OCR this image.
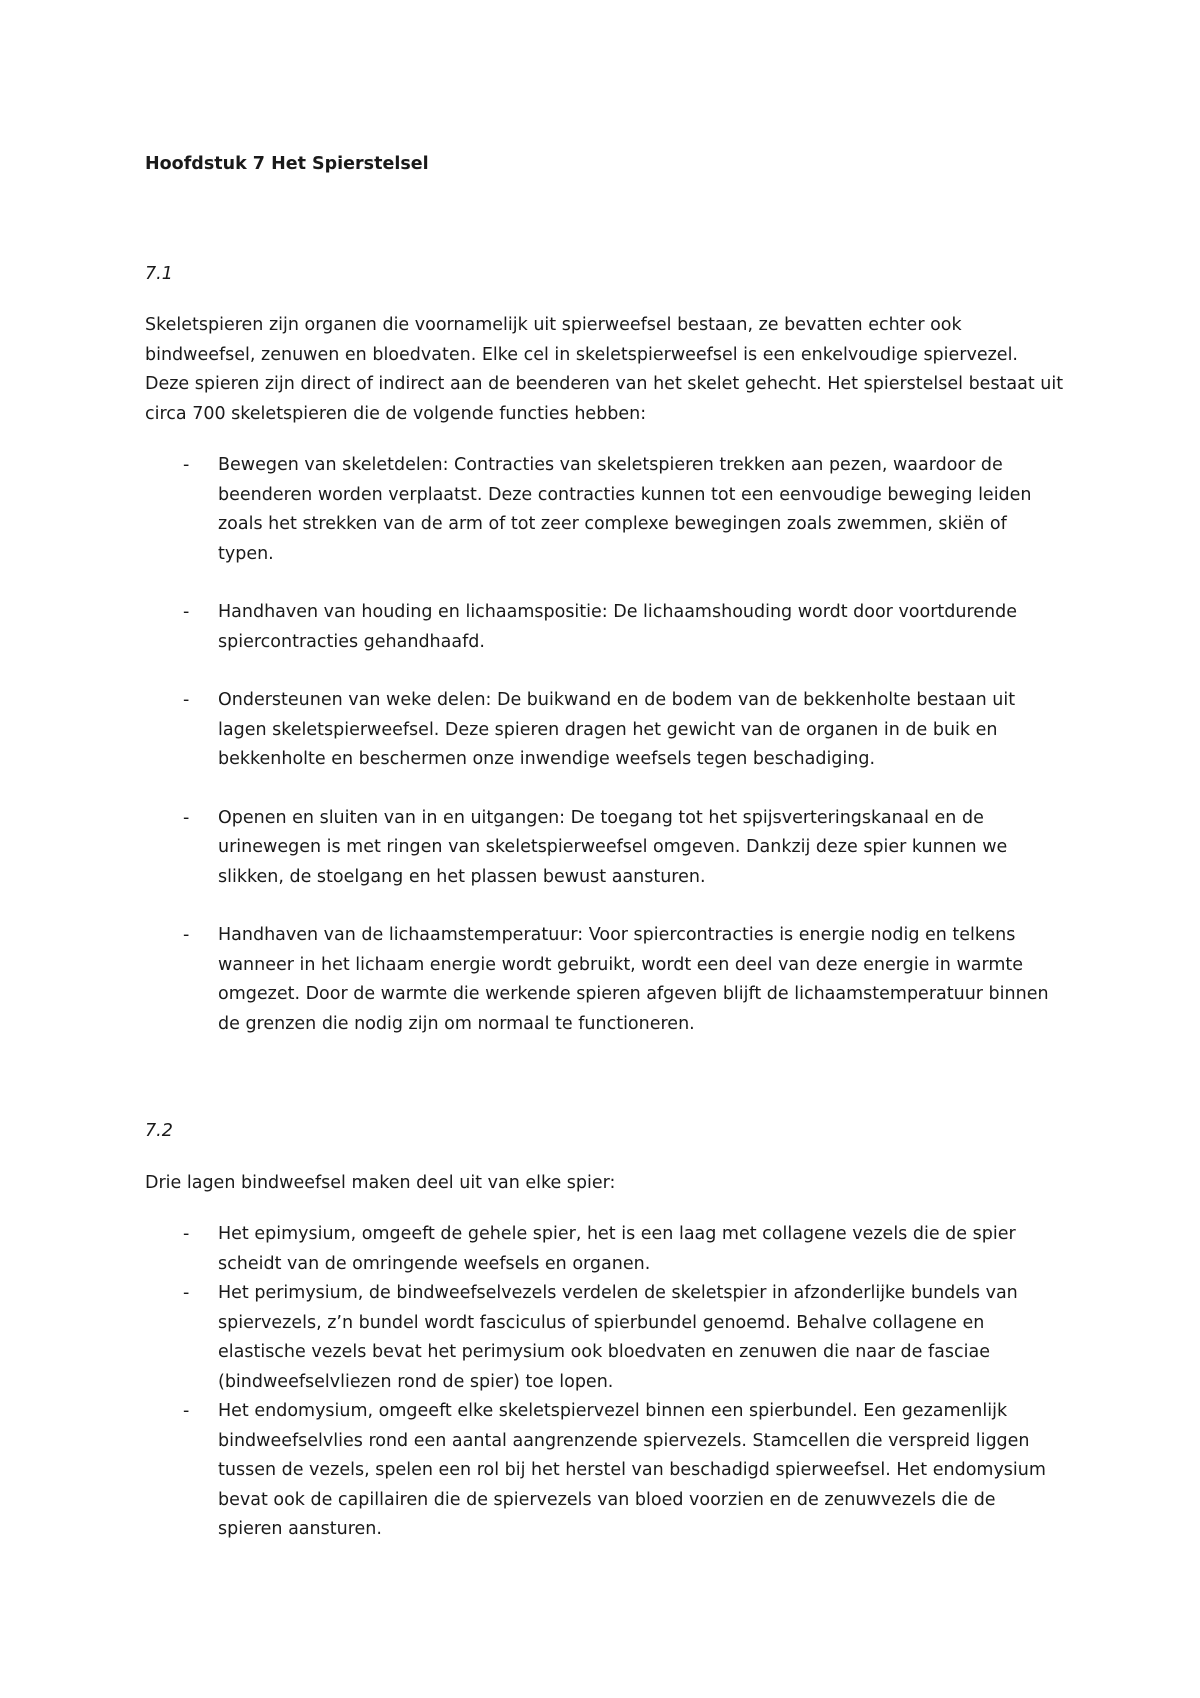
Hoofdstuk 7 Het Spierstelsel

7.1

Skeletspieren zijn organen die voornamelijk uit spierweefsel bestaan, ze bevatten echter ook bindweefsel, zenuwen en bloedvaten. Elke cel in skeletspierweefsel is een enkelvoudige spiervezel. Deze spieren zijn direct of indirect aan de beenderen van het skelet gehecht. Het spierstelsel bestaat uit circa 700 skeletspieren die de volgende functies hebben:

- Bewegen van skeletdelen: Contracties van skeletspieren trekken aan pezen, waardoor de beenderen worden verplaatst. Deze contracties kunnen tot een eenvoudige beweging leiden zoals het strekken van de arm of tot zeer complexe bewegingen zoals zwemmen, skiën of typen.
- Handhaven van houding en lichaamspositie: De lichaamshouding wordt door voortdurende spiercontracties gehandhaafd.
- Ondersteunen van weke delen: De buikwand en de bodem van de bekkenholte bestaan uit lagen skeletspierweefsel. Deze spieren dragen het gewicht van de organen in de buik en bekkenholte en beschermen onze inwendige weefsels tegen beschadiging.
- Openen en sluiten van in en uitgangen: De toegang tot het spijsverteringskanaal en de urinewegen is met ringen van skeletspierweefsel omgeven. Dankzij deze spier kunnen we slikken, de stoelgang en het plassen bewust aansturen.
- Handhaven van de lichaamstemperatuur: Voor spiercontracties is energie nodig en telkens wanneer in het lichaam energie wordt gebruikt, wordt een deel van deze energie in warmte omgezet. Door de warmte die werkende spieren afgeven blijft de lichaamstemperatuur binnen de grenzen die nodig zijn om normaal te functioneren.

7.2

Drie lagen bindweefsel maken deel uit van elke spier:

- Het epimysium, omgeeft de gehele spier, het is een laag met collagene vezels die de spier scheidt van de omringende weefsels en organen.
- Het perimysium, de bindweefselvezels verdelen de skeletspier in afzonderlijke bundels van spiervezels, z’n bundel wordt fasciculus of spierbundel genoemd. Behalve collagene en elastische vezels bevat het perimysium ook bloedvaten en zenuwen die naar de fasciae (bindweefselvliezen rond de spier) toe lopen.
- Het endomysium, omgeeft elke skeletspiervezel binnen een spierbundel. Een gezamenlijk bindweefselvlies rond een aantal aangrenzende spiervezels. Stamcellen die verspreid liggen tussen de vezels, spelen een rol bij het herstel van beschadigd spierweefsel. Het endomysium bevat ook de capillairen die de spiervezels van bloed voorzien en de zenuwvezels die de spieren aansturen.
